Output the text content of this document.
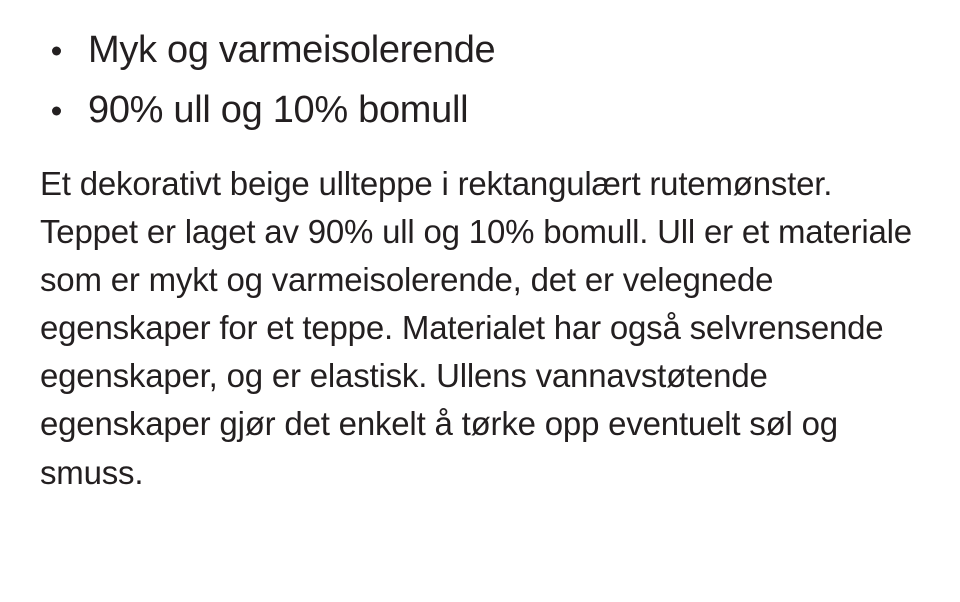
Myk og varmeisolerende
90% ull og 10% bomull

Et dekorativt beige ullteppe i rektangulært rutemønster. Teppet er laget av 90% ull og 10% bomull. Ull er et materiale som er mykt og varmeisolerende, det er velegnede egenskaper for et teppe. Materialet har også selvrensende egenskaper, og er elastisk. Ullens vannavstøtende egenskaper gjør det enkelt å tørke opp eventuelt søl og smuss.
